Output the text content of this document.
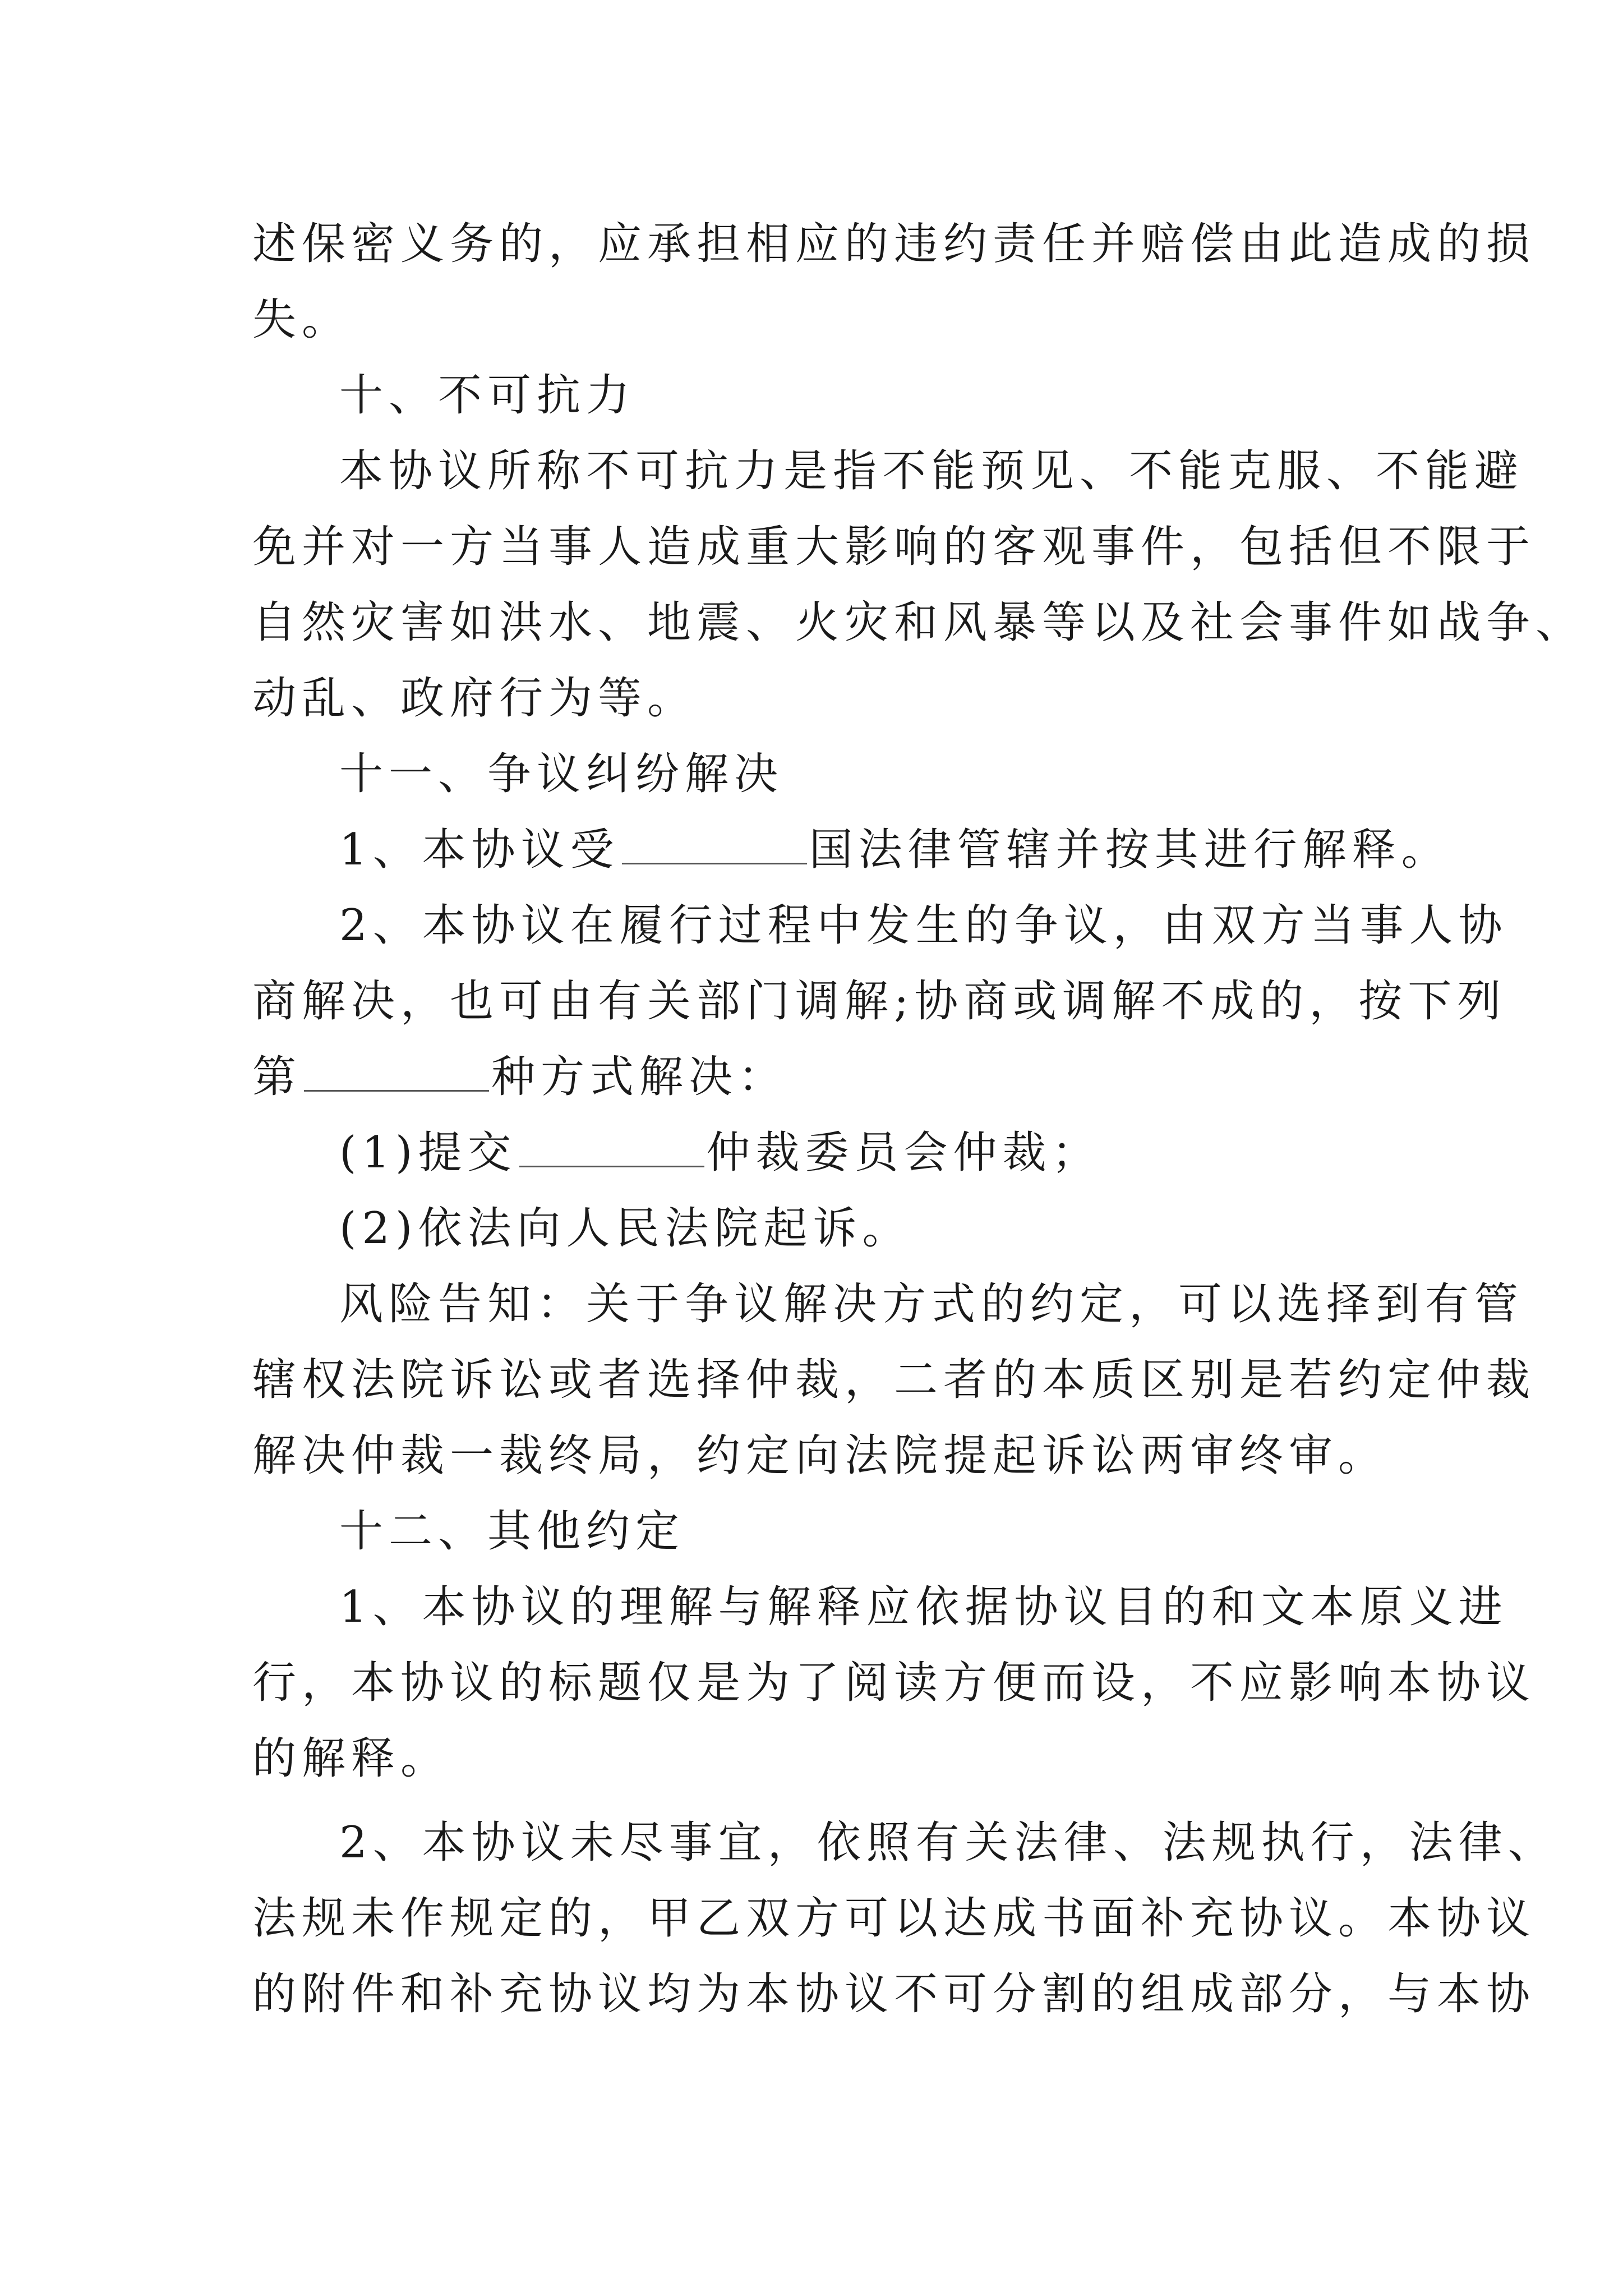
述保密义务的，应承担相应的违约责任并赔偿由此造成的损

失。

十、不可抗力

本协议所称不可抗力是指不能预见、不能克服、不能避

免并对一方当事人造成重大影响的客观事件，包括但不限于

自然灾害如洪水、地震、火灾和风暴等以及社会事件如战争、

动乱、政府行为等。

十一、争议纠纷解决

1、本协议受	国法律管辖并按其进行解释。

2、本协议在履行过程中发生的争议，由双方当事人协

商解决，也可由有关部门调解;协商或调解不成的，按下列

第	种方式解决：

(1)提交	仲裁委员会仲裁；

(2)依法向人民法院起诉。

风险告知：关于争议解决方式的约定，可以选择到有管

辖权法院诉讼或者选择仲裁，二者的本质区别是若约定仲裁

解决仲裁一裁终局，约定向法院提起诉讼两审终审。

十二、其他约定

1、本协议的理解与解释应依据协议目的和文本原义进

行，本协议的标题仅是为了阅读方便而设，不应影响本协议

的解释。

2、本协议未尽事宜，依照有关法律、法规执行，法律、

法规未作规定的，甲乙双方可以达成书面补充协议。本协议

的附件和补充协议均为本协议不可分割的组成部分，与本协
